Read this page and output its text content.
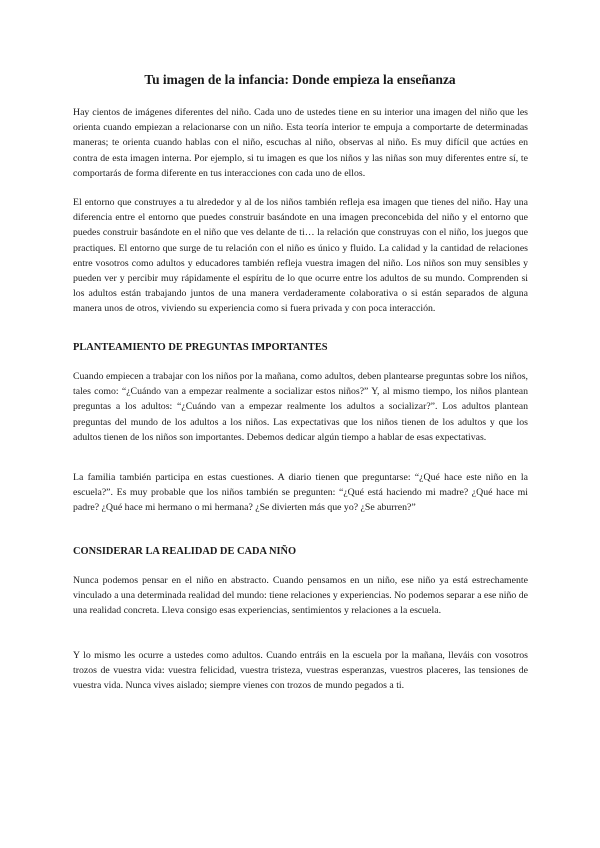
Tu imagen de la infancia: Donde empieza la enseñanza
Hay cientos de imágenes diferentes del niño. Cada uno de ustedes tiene en su interior una imagen del niño que les orienta cuando empiezan a relacionarse con un niño. Esta teoría interior te empuja a comportarte de determinadas maneras; te orienta cuando hablas con el niño, escuchas al niño, observas al niño. Es muy difícil que actúes en contra de esta imagen interna. Por ejemplo, si tu imagen es que los niños y las niñas son muy diferentes entre sí, te comportarás de forma diferente en tus interacciones con cada uno de ellos.
El entorno que construyes a tu alrededor y al de los niños también refleja esa imagen que tienes del niño. Hay una diferencia entre el entorno que puedes construir basándote en una imagen preconcebida del niño y el entorno que puedes construir basándote en el niño que ves delante de ti… la relación que construyas con el niño, los juegos que practiques. El entorno que surge de tu relación con el niño es único y fluido. La calidad y la cantidad de relaciones entre vosotros como adultos y educadores también refleja vuestra imagen del niño. Los niños son muy sensibles y pueden ver y percibir muy rápidamente el espíritu de lo que ocurre entre los adultos de su mundo. Comprenden si los adultos están trabajando juntos de una manera verdaderamente colaborativa o si están separados de alguna manera unos de otros, viviendo su experiencia como si fuera privada y con poca interacción.
PLANTEAMIENTO DE PREGUNTAS IMPORTANTES
Cuando empiecen a trabajar con los niños por la mañana, como adultos, deben plantearse preguntas sobre los niños, tales como: “¿Cuándo van a empezar realmente a socializar estos niños?” Y, al mismo tiempo, los niños plantean preguntas a los adultos: “¿Cuándo van a empezar realmente los adultos a socializar?”. Los adultos plantean preguntas del mundo de los adultos a los niños. Las expectativas que los niños tienen de los adultos y que los adultos tienen de los niños son importantes. Debemos dedicar algún tiempo a hablar de esas expectativas.
La familia también participa en estas cuestiones. A diario tienen que preguntarse: “¿Qué hace este niño en la escuela?”. Es muy probable que los niños también se pregunten: “¿Qué está haciendo mi madre? ¿Qué hace mi padre? ¿Qué hace mi hermano o mi hermana? ¿Se divierten más que yo? ¿Se aburren?”
CONSIDERAR LA REALIDAD DE CADA NIÑO
Nunca podemos pensar en el niño en abstracto. Cuando pensamos en un niño, ese niño ya está estrechamente vinculado a una determinada realidad del mundo: tiene relaciones y experiencias. No podemos separar a ese niño de una realidad concreta. Lleva consigo esas experiencias, sentimientos y relaciones a la escuela.
Y lo mismo les ocurre a ustedes como adultos. Cuando entráis en la escuela por la mañana, lleváis con vosotros trozos de vuestra vida: vuestra felicidad, vuestra tristeza, vuestras esperanzas, vuestros placeres, las tensiones de vuestra vida. Nunca vives aislado; siempre vienes con trozos de mundo pegados a ti.
